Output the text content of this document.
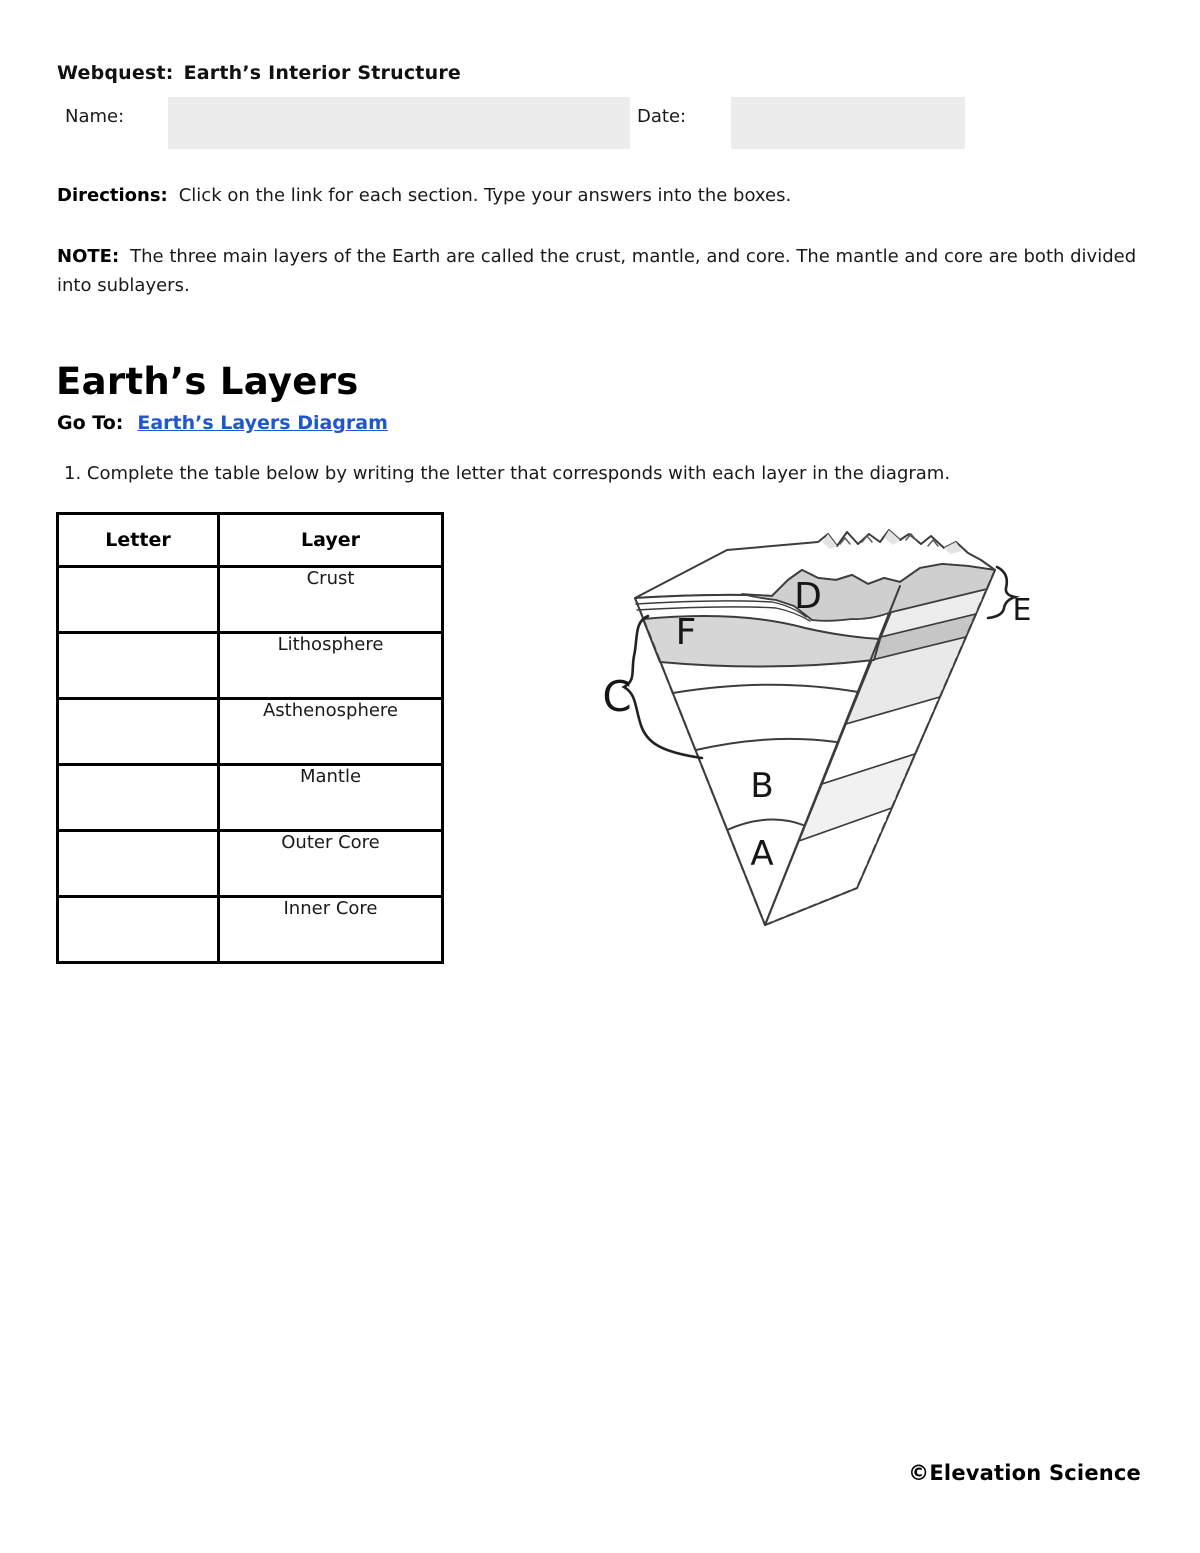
Webquest: Earth’s Interior Structure
Name:	Date:
Directions: Click on the link for each section. Type your answers into the boxes.
NOTE: The three main layers of the Earth are called the crust, mantle, and core. The mantle and core are both divided into sublayers.
Earth’s Layers
Go To: Earth’s Layers Diagram
1. Complete the table below by writing the letter that corresponds with each layer in the diagram.
Letter	Layer
	Crust
	Lithosphere
	Asthenosphere
	Mantle
	Outer Core
	Inner Core
D	E
F
C
B
A
©Elevation Science
